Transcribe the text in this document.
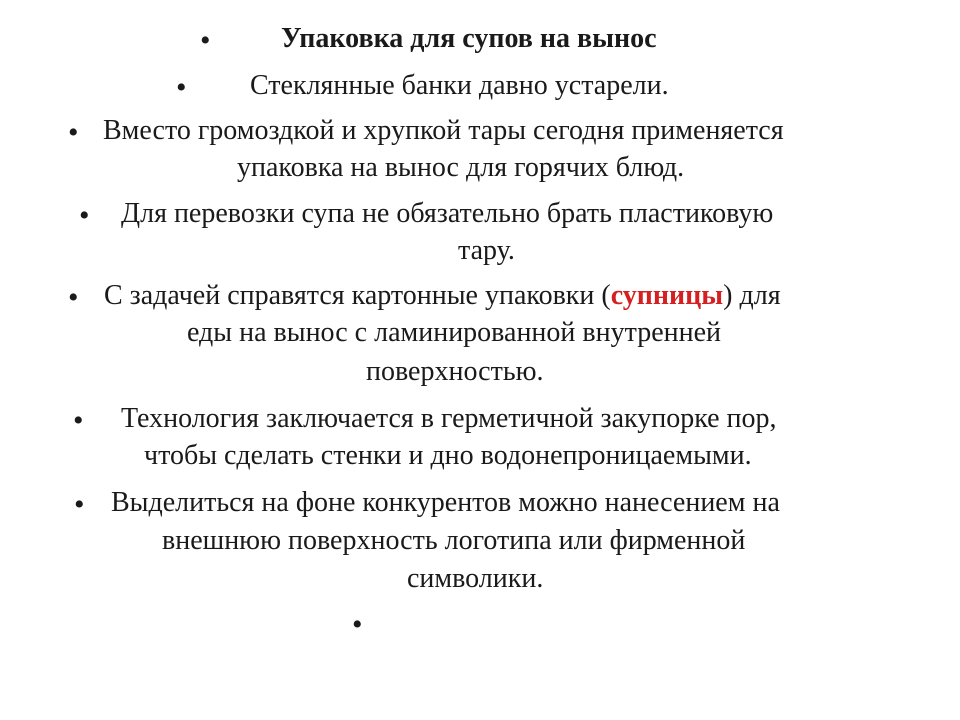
•	Упаковка для супов на вынос
• Стеклянные банки давно устарели.
• Вместо громоздкой и хрупкой тары сегодня применяется
упаковка на вынос для горячих блюд.
• Для перевозки супа не обязательно брать пластиковую
тару.
• С задачей справятся картонные упаковки (супницы) для
еды на вынос с ламинированной внутренней
поверхностью.
• Технология заключается в герметичной закупорке пор,
чтобы сделать стенки и дно водонепроницаемыми.
• Выделиться на фоне конкурентов можно нанесением на
внешнюю поверхность логотипа или фирменной
символики.
•
